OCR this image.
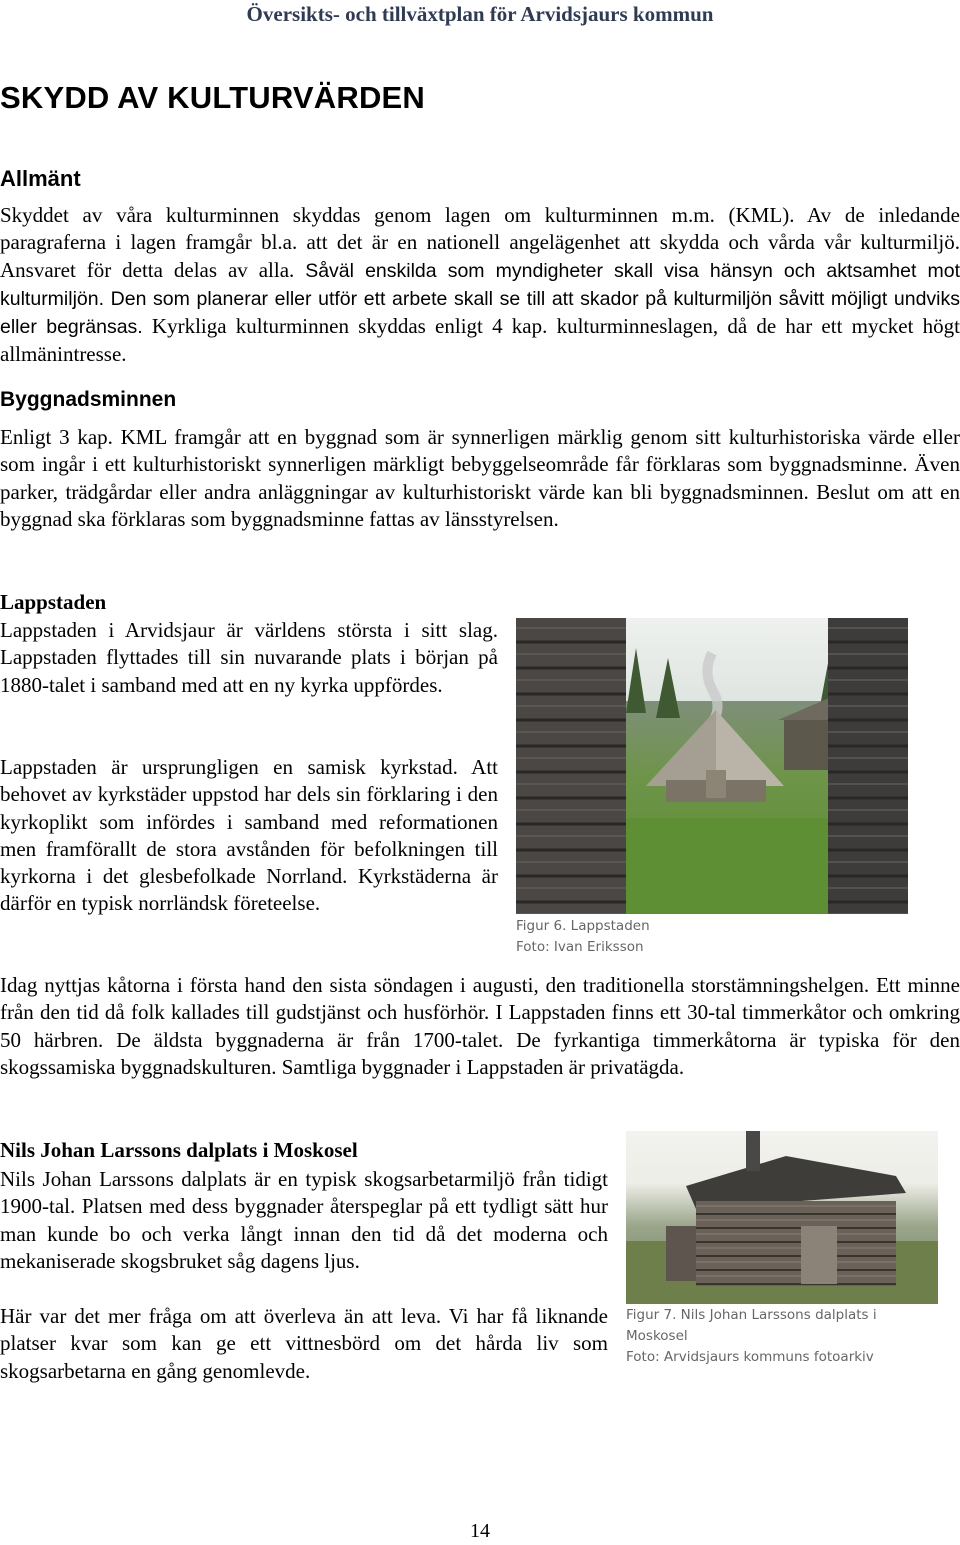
Översikts- och tillväxtplan för Arvidsjaurs kommun
SKYDD AV KULTURVÄRDEN
Allmänt
Skyddet av våra kulturminnen skyddas genom lagen om kulturminnen m.m. (KML). Av de inledande paragraferna i lagen framgår bl.a. att det är en nationell angelägenhet att skydda och vårda vår kulturmiljö. Ansvaret för detta delas av alla. Såväl enskilda som myndigheter skall visa hänsyn och aktsamhet mot kulturmiljön. Den som planerar eller utför ett arbete skall se till att skador på kulturmiljön såvitt möjligt undviks eller begränsas. Kyrkliga kulturminnen skyddas enligt 4 kap. kulturminneslagen, då de har ett mycket högt allmänintresse.
Byggnadsminnen
Enligt 3 kap. KML framgår att en byggnad som är synnerligen märklig genom sitt kulturhistoriska värde eller som ingår i ett kulturhistoriskt synnerligen märkligt bebyggelseområde får förklaras som byggnadsminne. Även parker, trädgårdar eller andra anläggningar av kulturhistoriskt värde kan bli byggnadsminnen. Beslut om att en byggnad ska förklaras som byggnadsminne fattas av länsstyrelsen.
Lappstaden
Lappstaden i Arvidsjaur är världens största i sitt slag. Lappstaden flyttades till sin nuvarande plats i början på 1880-talet i samband med att en ny kyrka uppfördes.
Lappstaden är ursprungligen en samisk kyrkstad. Att behovet av kyrkstäder uppstod har dels sin förklaring i den kyrkoplikt som infördes i samband med reformationen men framförallt de stora avstånden för befolkningen till kyrkorna i det glesbefolkade Norrland. Kyrkstäderna är därför en typisk norrländsk företeelse.
Figur 6. Lappstaden
Foto: Ivan Eriksson
Idag nyttjas kåtorna i första hand den sista söndagen i augusti, den traditionella storstämningshelgen. Ett minne från den tid då folk kallades till gudstjänst och husförhör. I Lappstaden finns ett 30-tal timmerkåtor och omkring 50 härbren. De äldsta byggnaderna är från 1700-talet. De fyrkantiga timmerkåtorna är typiska för den skogssamiska byggnadskulturen. Samtliga byggnader i Lappstaden är privatägda.
Nils Johan Larssons dalplats i Moskosel
Nils Johan Larssons dalplats är en typisk skogsarbetarmiljö från tidigt 1900-tal. Platsen med dess byggnader återspeglar på ett tydligt sätt hur man kunde bo och verka långt innan den tid då det moderna och mekaniserade skogsbruket såg dagens ljus.
Här var det mer fråga om att överleva än att leva. Vi har få liknande platser kvar som kan ge ett vittnesbörd om det hårda liv som skogsarbetarna en gång genomlevde.
Figur 7. Nils Johan Larssons dalplats i
Moskosel
Foto: Arvidsjaurs kommuns fotoarkiv
14
